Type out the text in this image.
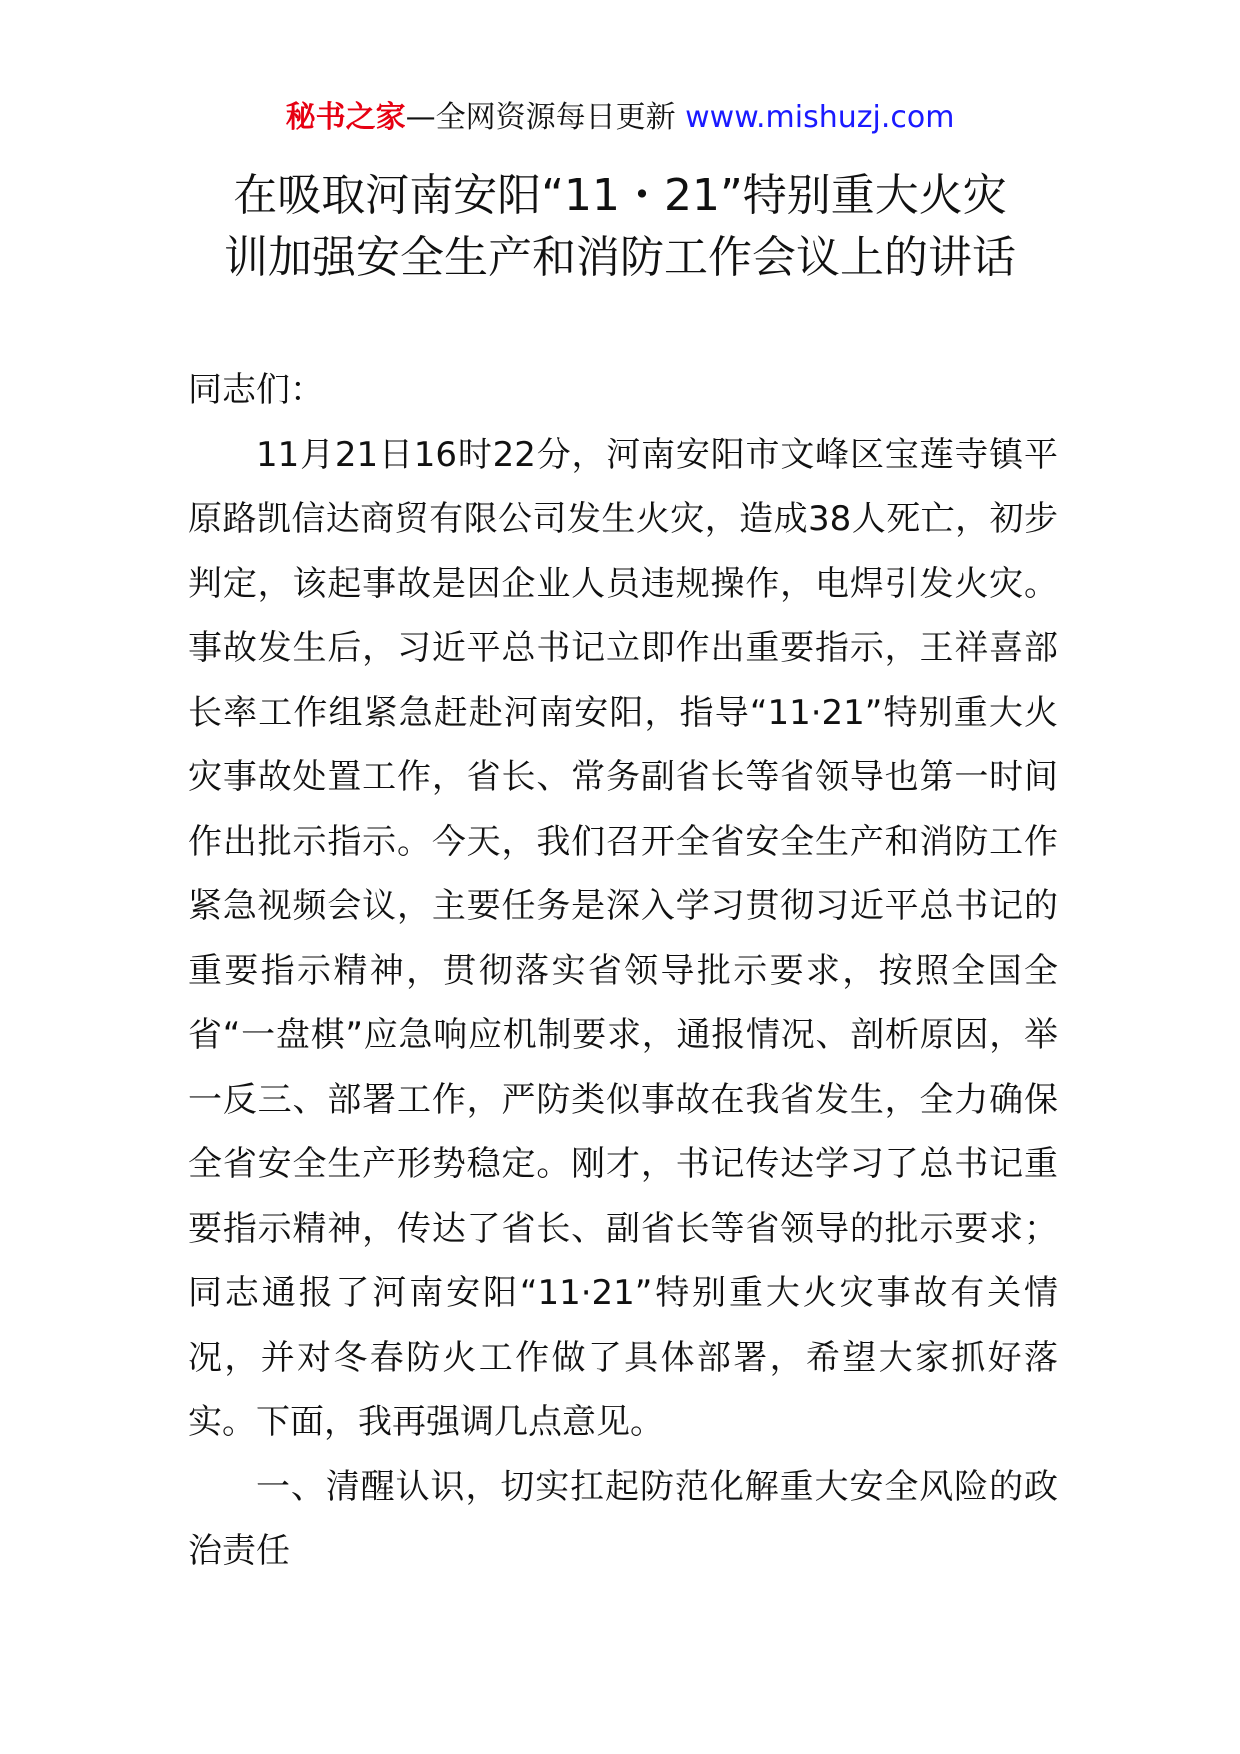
秘书之家—全网资源每日更新 www.mishuzj.com
在吸取河南安阳“11・21”特别重大火灾
训加强安全生产和消防工作会议上的讲话

同志们：

11月21日16时22分，河南安阳市文峰区宝莲寺镇平原路凯信达商贸有限公司发生火灾，造成38人死亡，初步判定，该起事故是因企业人员违规操作，电焊引发火灾。事故发生后，习近平总书记立即作出重要指示，王祥喜部长率工作组紧急赶赴河南安阳，指导“11·21”特别重大火灾事故处置工作，省长、常务副省长等省领导也第一时间作出批示指示。今天，我们召开全省安全生产和消防工作紧急视频会议，主要任务是深入学习贯彻习近平总书记的重要指示精神，贯彻落实省领导批示要求，按照全国全省“一盘棋”应急响应机制要求，通报情况、剖析原因，举一反三、部署工作，严防类似事故在我省发生，全力确保全省安全生产形势稳定。刚才，书记传达学习了总书记重要指示精神，传达了省长、副省长等省领导的批示要求；同志通报了河南安阳“11·21”特别重大火灾事故有关情况，并对冬春防火工作做了具体部署，希望大家抓好落实。下面，我再强调几点意见。

一、清醒认识，切实扛起防范化解重大安全风险的政治责任
